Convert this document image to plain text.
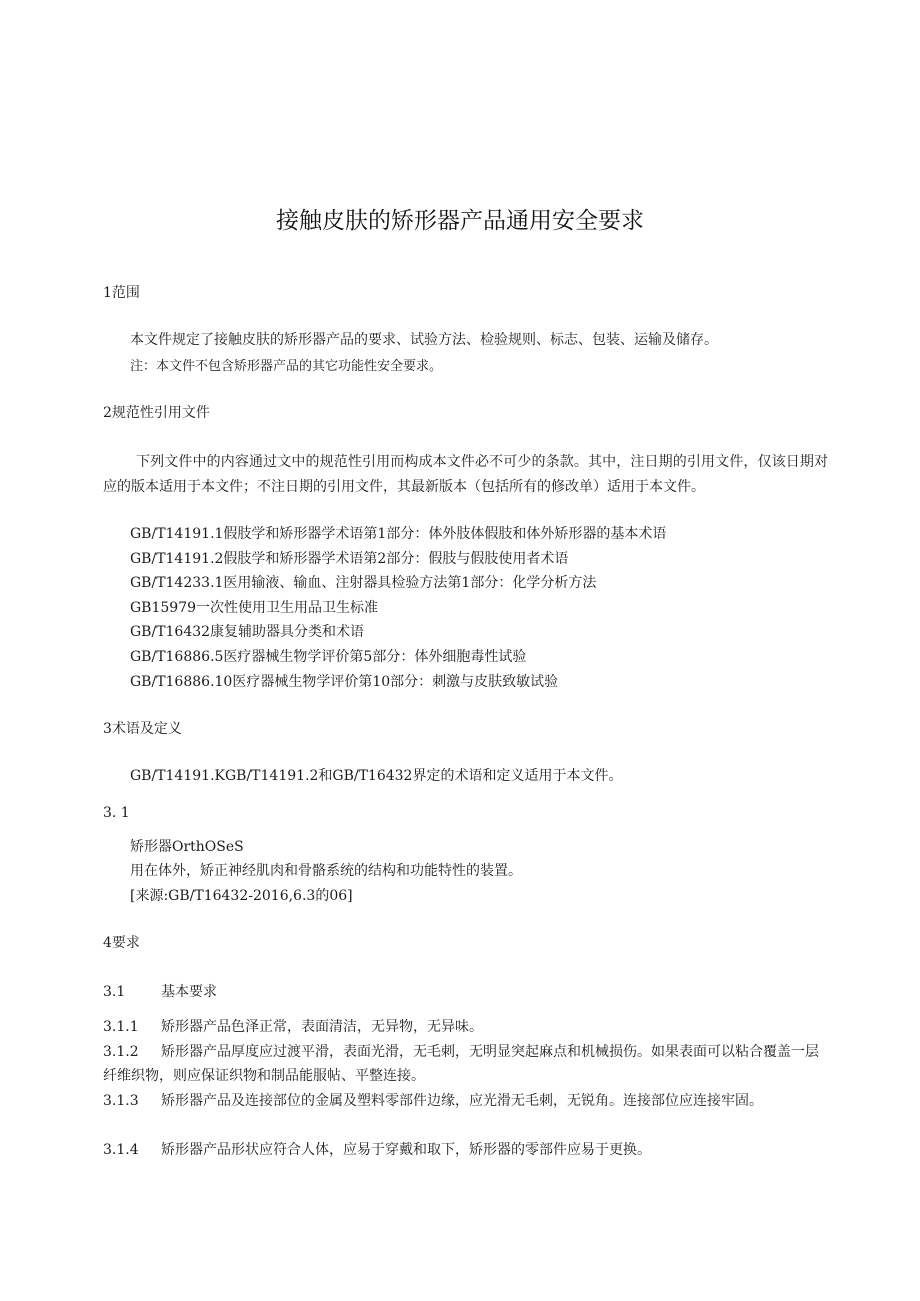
接触皮肤的矫形器产品通用安全要求
1范围
本文件规定了接触皮肤的矫形器产品的要求、试验方法、检验规则、标志、包装、运输及储存。
注：本文件不包含矫形器产品的其它功能性安全要求。
2规范性引用文件
下列文件中的内容通过文中的规范性引用而构成本文件必不可少的条款。其中，注日期的引用文件，仅该日期对应的版本适用于本文件；不注日期的引用文件，其最新版本（包括所有的修改单）适用于本文件。
GB/T14191.1假肢学和矫形器学术语第1部分：体外肢体假肢和体外矫形器的基本术语
GB/T14191.2假肢学和矫形器学术语第2部分：假肢与假肢使用者术语
GB/T14233.1医用输液、输血、注射器具检验方法第1部分：化学分析方法
GB15979一次性使用卫生用品卫生标准
GB/T16432康复辅助器具分类和术语
GB/T16886.5医疗器械生物学评价第5部分：体外细胞毒性试验
GB/T16886.10医疗器械生物学评价第10部分：刺激与皮肤致敏试验
3术语及定义
GB/T14191.KGB/T14191.2和GB/T16432界定的术语和定义适用于本文件。
3. 1
矫形器OrthOSeS
用在体外，矫正神经肌肉和骨骼系统的结构和功能特性的装置。
[来源:GB/T16432-2016,6.3的06]
4要求
3.1	基本要求
3.1.1 矫形器产品色泽正常，表面清洁，无异物，无异味。
3.1.2 矫形器产品厚度应过渡平滑，表面光滑，无毛刺，无明显突起麻点和机械损伤。如果表面可以粘合覆盖一层纤维织物，则应保证织物和制品能服帖、平整连接。
3.1.3 矫形器产品及连接部位的金属及塑料零部件边缘，应光滑无毛刺，无锐角。连接部位应连接牢固。
3.1.4 矫形器产品形状应符合人体，应易于穿戴和取下，矫形器的零部件应易于更换。
